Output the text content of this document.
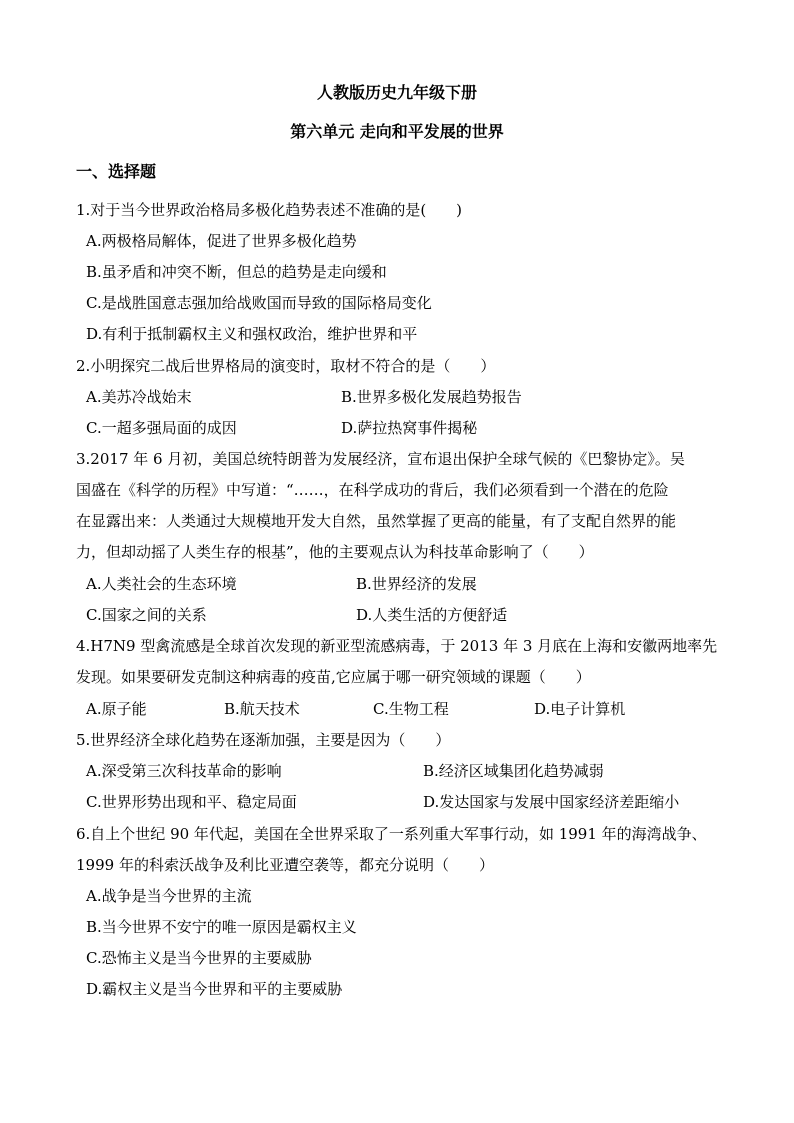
人教版历史九年级下册
第六单元 走向和平发展的世界
一、选择题
1.对于当今世界政治格局多极化趋势表述不准确的是(　　)
A.两极格局解体，促进了世界多极化趋势
B.虽矛盾和冲突不断，但总的趋势是走向缓和
C.是战胜国意志强加给战败国而导致的国际格局变化
D.有利于抵制霸权主义和强权政治，维护世界和平
2.小明探究二战后世界格局的演变时，取材不符合的是（　　）
A.美苏冷战始末	B.世界多极化发展趋势报告
C.一超多强局面的成因	D.萨拉热窝事件揭秘
3.2017 年 6 月初，美国总统特朗普为发展经济，宣布退出保护全球气候的《巴黎协定》。吴
国盛在《科学的历程》中写道：“……，在科学成功的背后，我们必须看到一个潜在的危险
在显露出来：人类通过大规模地开发大自然，虽然掌握了更高的能量，有了支配自然界的能
力，但却动摇了人类生存的根基”，他的主要观点认为科技革命影响了（　　）
A.人类社会的生态环境	B.世界经济的发展
C.国家之间的关系	D.人类生活的方便舒适
4.H7N9 型禽流感是全球首次发现的新亚型流感病毒，于 2013 年 3 月底在上海和安徽两地率先
发现。如果要研发克制这种病毒的疫苗,它应属于哪一研究领域的课题（　　）
A.原子能	B.航天技术	C.生物工程	D.电子计算机
5.世界经济全球化趋势在逐渐加强，主要是因为（　　）
A.深受第三次科技革命的影响	B.经济区域集团化趋势减弱
C.世界形势出现和平、稳定局面	D.发达国家与发展中国家经济差距缩小
6.自上个世纪 90 年代起，美国在全世界采取了一系列重大军事行动，如 1991 年的海湾战争、
1999 年的科索沃战争及利比亚遭空袭等，都充分说明（　　）
A.战争是当今世界的主流
B.当今世界不安宁的唯一原因是霸权主义
C.恐怖主义是当今世界的主要威胁
D.霸权主义是当今世界和平的主要威胁
